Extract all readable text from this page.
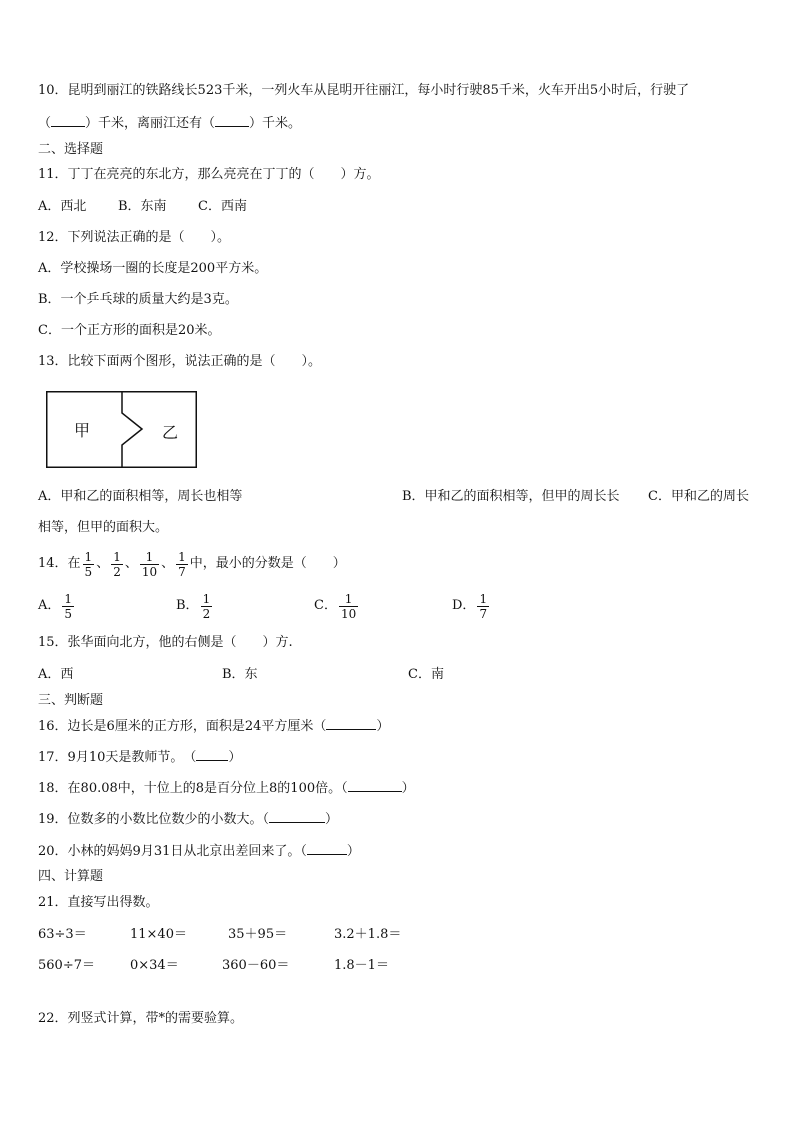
10．昆明到丽江的铁路线长523千米，一列火车从昆明开往丽江，每小时行驶85千米，火车开出5小时后，行驶了
（	）千米，离丽江还有（	）千米。
二、选择题
11．丁丁在亮亮的东北方，那么亮亮在丁丁的（　　）方。
A．西北 B．东南 C．西南
12．下列说法正确的是（　　）。
A．学校操场一圈的长度是200平方米。
B．一个乒乓球的质量大约是3克。
C．一个正方形的面积是20米。
13．比较下面两个图形，说法正确的是（　　）。
甲	乙
A．甲和乙的面积相等，周长也相等	B．甲和乙的面积相等，但甲的周长长 C．甲和乙的周长
相等，但甲的面积大。
14．在 $\frac{1}{5}$ 、 $\frac{1}{2}$ 、 $\frac{1}{10}$ 、 $\frac{1}{7}$ 中，最小的分数是（　　）
A． $\frac{1}{5}$	B． $\frac{1}{2}$	C． $\frac{1}{10}$	D． $\frac{1}{7}$
15．张华面向北方，他的右侧是（　　）方.
A．西	B．东	C．南
三、判断题
16．边长是6厘米的正方形，面积是24平方厘米（	）
17．9月10天是教师节。　（ ）
18．在80.08中，十位上的8是百分位上8的100倍。（	）
19．位数多的小数比位数少的小数大。（	）
20．小林的妈妈9月31日从北京出差回来了。（	）
四、计算题
21．直接写出得数。
63÷3＝	11×40＝	35＋95＝	3.2＋1.8＝
560÷7＝	0×34＝	360－60＝	1.8－1＝
22．列竖式计算，带*的需要验算。
